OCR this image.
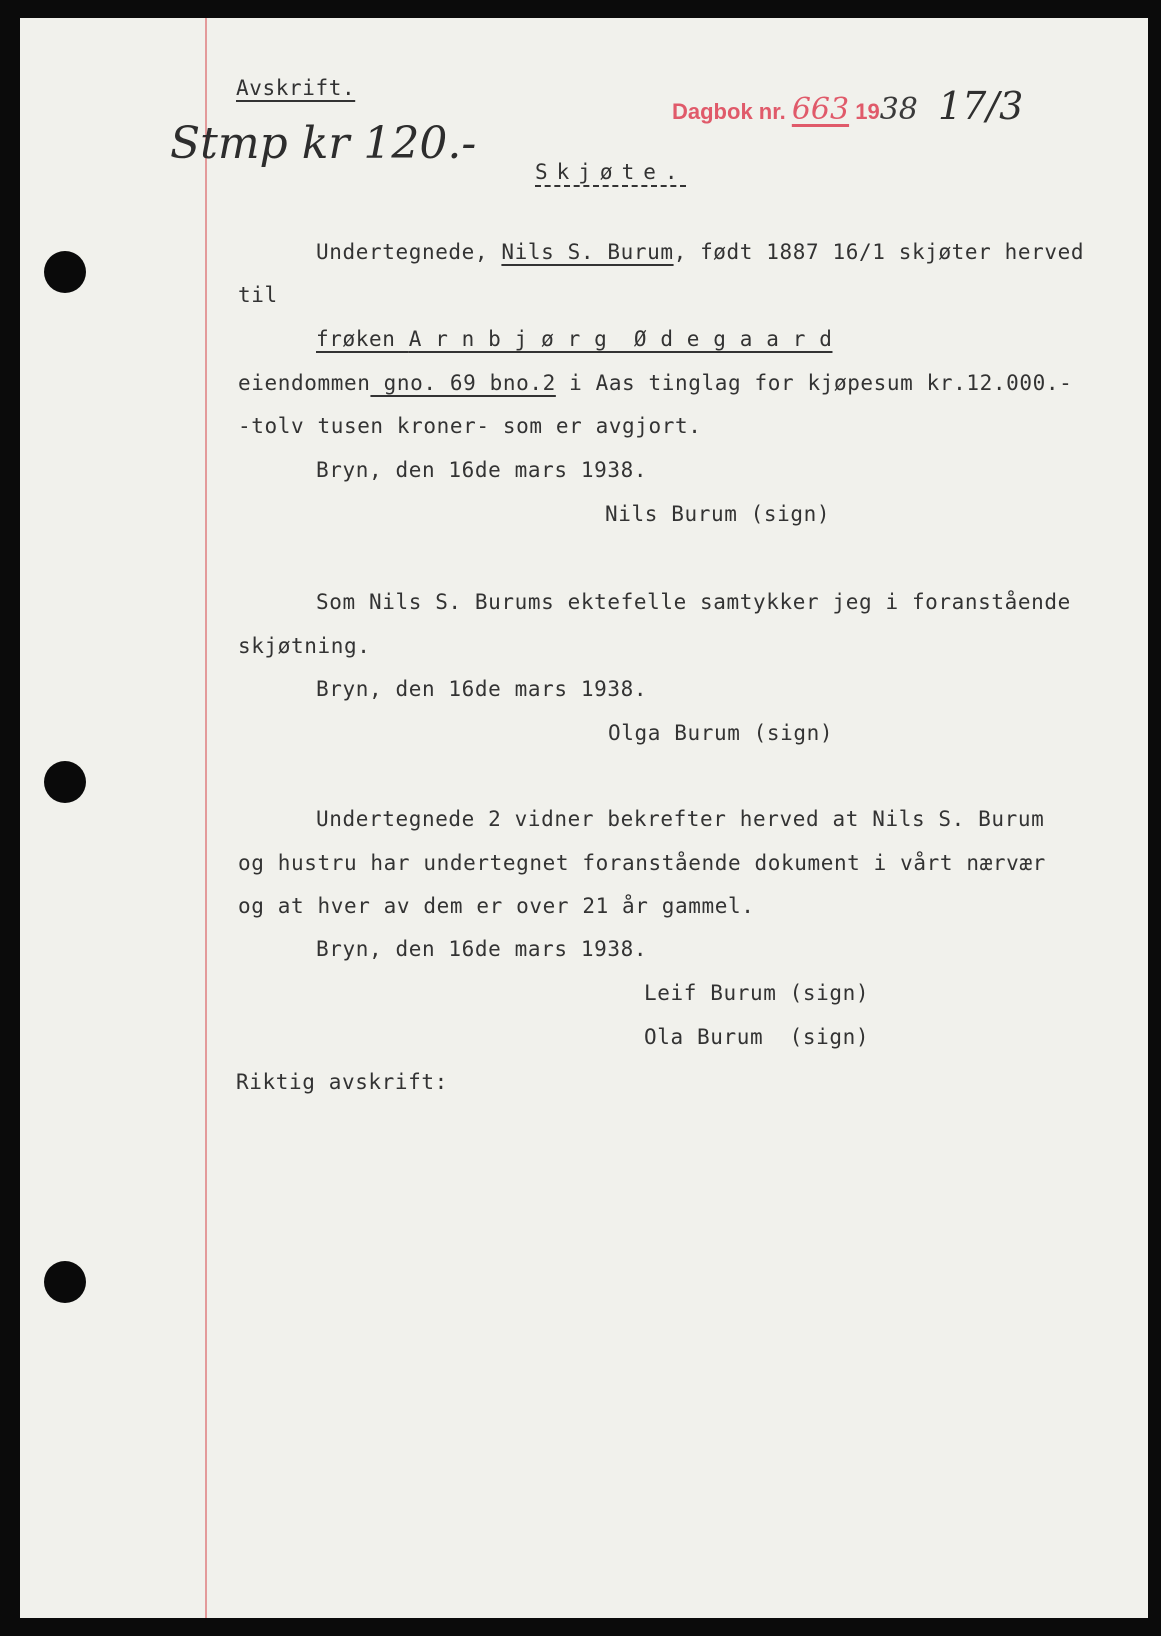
Avskrift.
Dagbok nr. 663 1938 17/3
Stmp kr 120.-
Skjøte.
Undertegnede, Nils S. Burum, født 1887 16/1 skjøter herved
til
frøken A r n b j ø r g  Ø d e g a a r d
eiendommen gno. 69 bno.2 i Aas tinglag for kjøpesum kr.12.000.-
-tolv tusen kroner- som er avgjort.
Bryn, den 16de mars 1938.
Nils Burum (sign)
Som Nils S. Burums ektefelle samtykker jeg i foranstående
skjøtning.
Bryn, den 16de mars 1938.
Olga Burum (sign)
Undertegnede 2 vidner bekrefter herved at Nils S. Burum
og hustru har undertegnet foranstående dokument i vårt nærvær
og at hver av dem er over 21 år gammel.
Bryn, den 16de mars 1938.
Leif Burum (sign)
Ola Burum  (sign)
Riktig avskrift:
